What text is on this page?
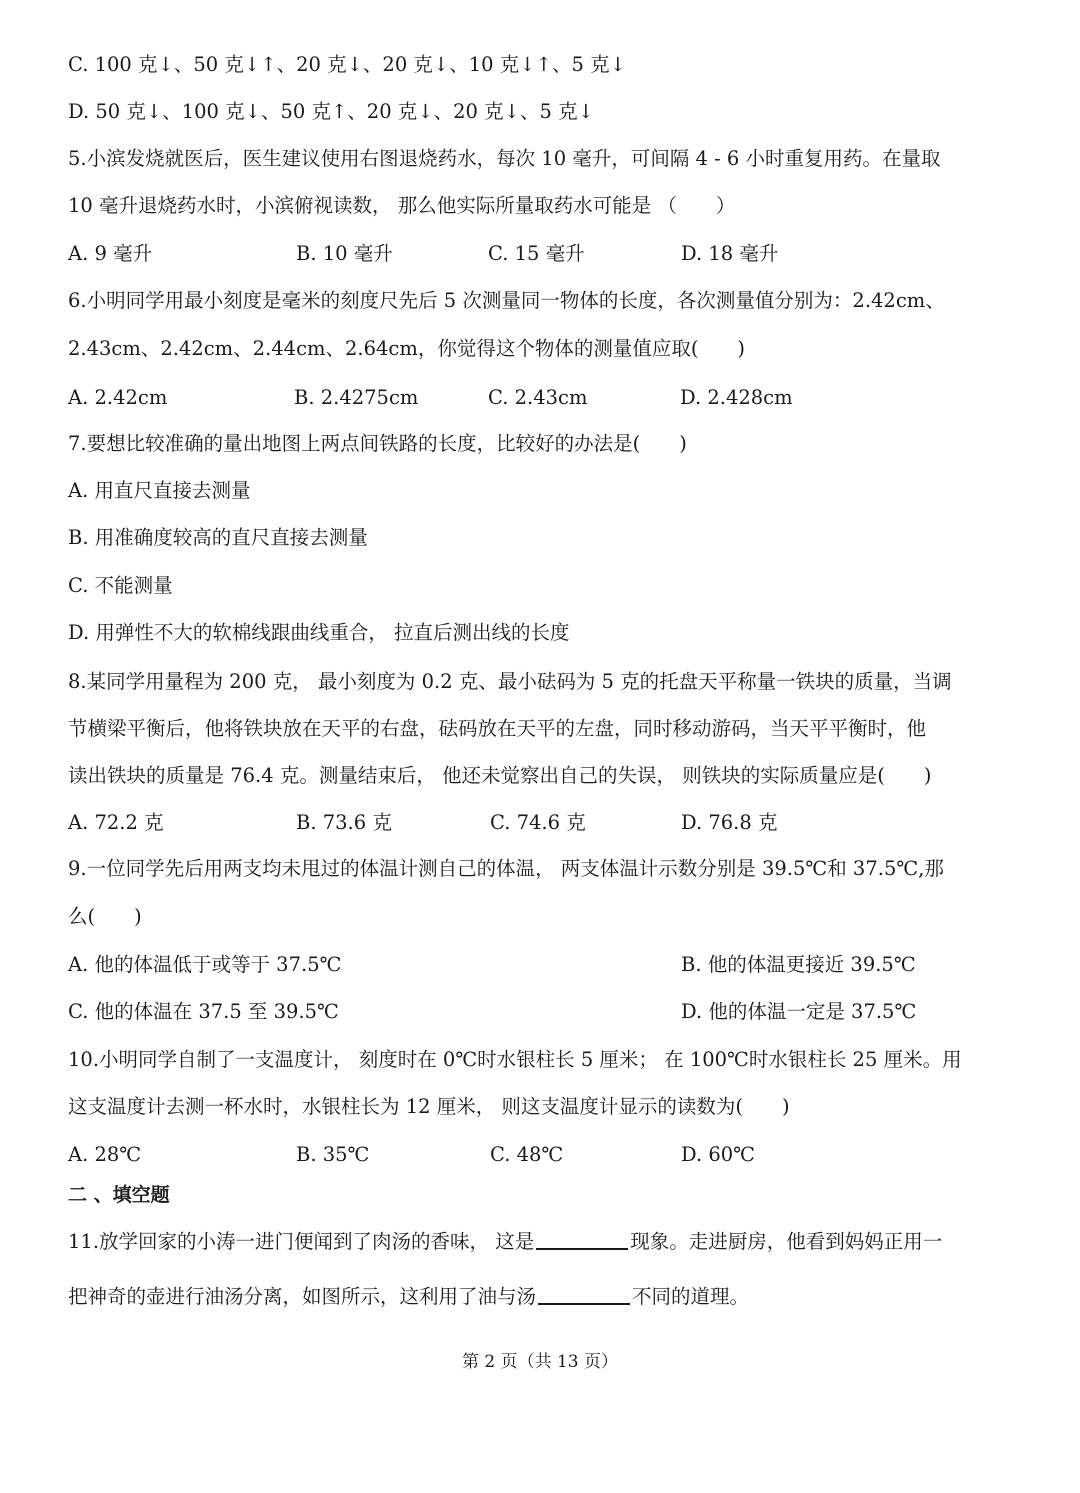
C. 100 克↓、50 克↓↑、20 克↓、20 克↓、10 克↓↑、5 克↓
D. 50 克↓、100 克↓、50 克↑、20 克↓、20 克↓、5 克↓
5.小滨发烧就医后，医生建议使用右图退烧药水，每次 10 毫升，可间隔 4 - 6 小时重复用药。在量取
10 毫升退烧药水时，小滨俯视读数， 那么他实际所量取药水可能是 （　　）
A. 9 毫升	B. 10 毫升	C. 15 毫升	D. 18 毫升
6.小明同学用最小刻度是毫米的刻度尺先后 5 次测量同一物体的长度，各次测量值分别为：2.42cm、
2.43cm、2.42cm、2.44cm、2.64cm，你觉得这个物体的测量值应取(　　)
A. 2.42cm	B. 2.4275cm	C. 2.43cm	D. 2.428cm
7.要想比较准确的量出地图上两点间铁路的长度，比较好的办法是(　　)
A. 用直尺直接去测量
B. 用准确度较高的直尺直接去测量
C. 不能测量
D. 用弹性不大的软棉线跟曲线重合， 拉直后测出线的长度
8.某同学用量程为 200 克， 最小刻度为 0.2 克、最小砝码为 5 克的托盘天平称量一铁块的质量，当调
节横梁平衡后，他将铁块放在天平的右盘，砝码放在天平的左盘，同时移动游码，当天平平衡时，他
读出铁块的质量是 76.4 克。测量结束后， 他还未觉察出自己的失误， 则铁块的实际质量应是(　　)
A. 72.2 克	B. 73.6 克	C. 74.6 克	D. 76.8 克
9.一位同学先后用两支均未甩过的体温计测自己的体温， 两支体温计示数分别是 39.5℃和 37.5℃,那
么(　　)
A. 他的体温低于或等于 37.5℃	B. 他的体温更接近 39.5℃
C. 他的体温在 37.5 至 39.5℃	D. 他的体温一定是 37.5℃
10.小明同学自制了一支温度计， 刻度时在 0℃时水银柱长 5 厘米； 在 100℃时水银柱长 25 厘米。用
这支温度计去测一杯水时，水银柱长为 12 厘米， 则这支温度计显示的读数为(　　)
A. 28℃	B. 35℃	C. 48℃	D. 60℃
二 、填空题
11.放学回家的小涛一进门便闻到了肉汤的香味， 这是	现象。走进厨房，他看到妈妈正用一
把神奇的壶进行油汤分离，如图所示，这利用了油与汤	不同的道理。
第 2 页（共 13 页）
